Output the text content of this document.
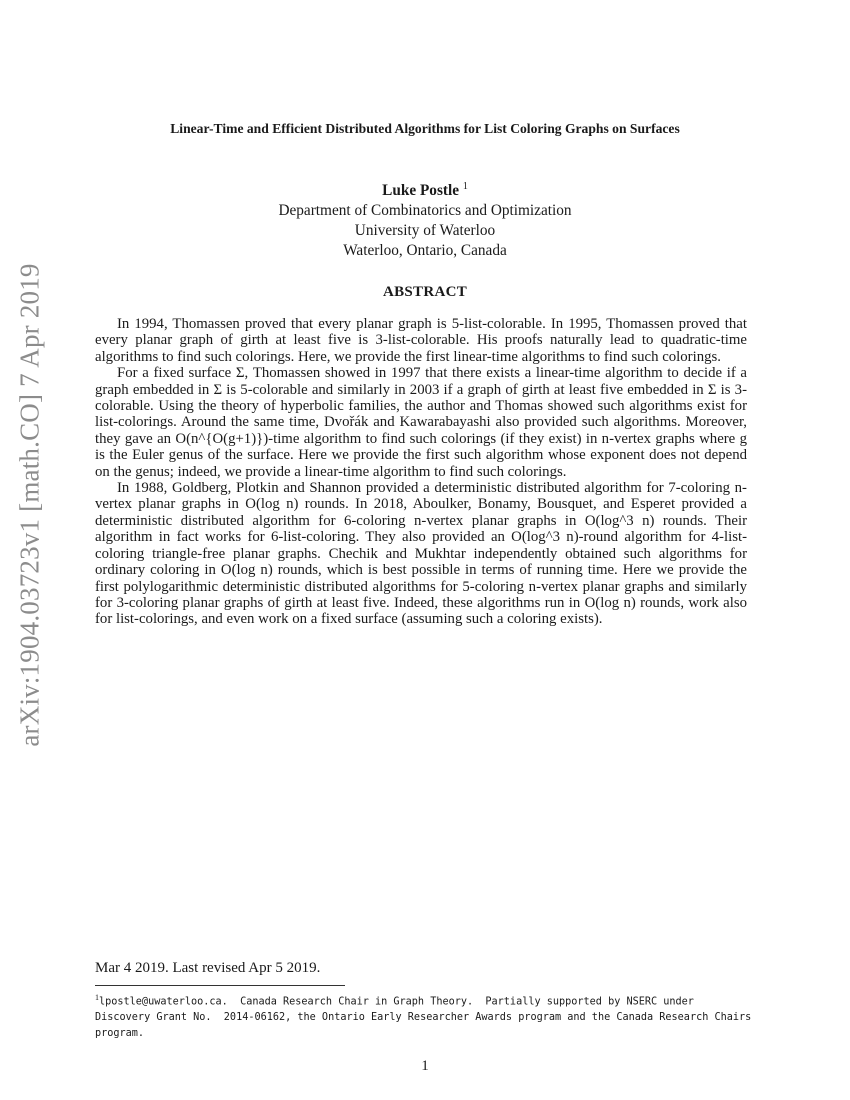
arXiv:1904.03723v1 [math.CO] 7 Apr 2019
Linear-Time and Efficient Distributed Algorithms for List Coloring Graphs on Surfaces
Luke Postle $^1$
Department of Combinatorics and Optimization
University of Waterloo
Waterloo, Ontario, Canada
ABSTRACT

In 1994, Thomassen proved that every planar graph is 5-list-colorable. In 1995, Thomassen proved that every planar graph of girth at least five is 3-list-colorable. His proofs naturally lead to quadratic-time algorithms to find such colorings. Here, we provide the first linear-time algorithms to find such colorings.

For a fixed surface Σ, Thomassen showed in 1997 that there exists a linear-time algorithm to decide if a graph embedded in Σ is 5-colorable and similarly in 2003 if a graph of girth at least five embedded in Σ is 3-colorable. Using the theory of hyperbolic families, the author and Thomas showed such algorithms exist for list-colorings. Around the same time, Dvořák and Kawarabayashi also provided such algorithms. Moreover, they gave an O(n^{O(g+1)})-time algorithm to find such colorings (if they exist) in n-vertex graphs where g is the Euler genus of the surface. Here we provide the first such algorithm whose exponent does not depend on the genus; indeed, we provide a linear-time algorithm to find such colorings.

In 1988, Goldberg, Plotkin and Shannon provided a deterministic distributed algorithm for 7-coloring n-vertex planar graphs in O(log n) rounds. In 2018, Aboulker, Bonamy, Bousquet, and Esperet provided a deterministic distributed algorithm for 6-coloring n-vertex planar graphs in O(log^3 n) rounds. Their algorithm in fact works for 6-list-coloring. They also provided an O(log^3 n)-round algorithm for 4-list-coloring triangle-free planar graphs. Chechik and Mukhtar independently obtained such algorithms for ordinary coloring in O(log n) rounds, which is best possible in terms of running time. Here we provide the first polylogarithmic deterministic distributed algorithms for 5-coloring n-vertex planar graphs and similarly for 3-coloring planar graphs of girth at least five. Indeed, these algorithms run in O(log n) rounds, work also for list-colorings, and even work on a fixed surface (assuming such a coloring exists).

Mar 4 2019. Last revised Apr 5 2019.
$^1$lpostle@uwaterloo.ca.  Canada Research Chair in Graph Theory.  Partially supported by NSERC under Discovery Grant No.  2014-06162, the Ontario Early Researcher Awards program and the Canada Research Chairs program.
1
